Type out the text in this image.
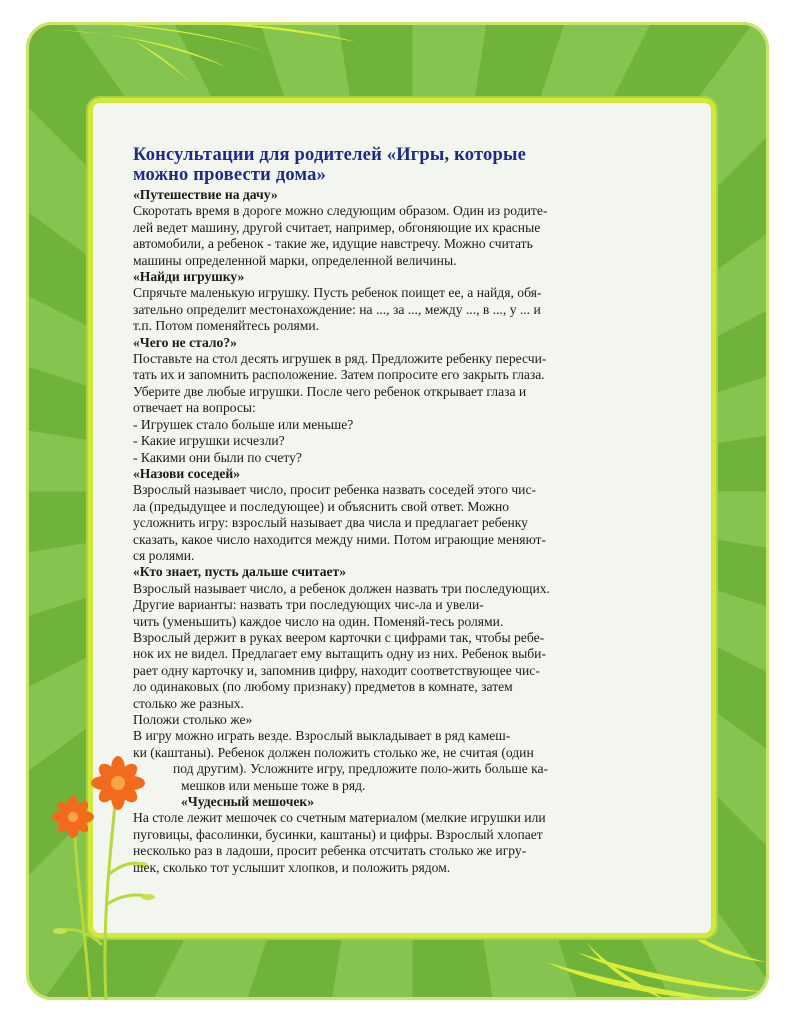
Консультации для родителей «Игры, которые
можно провести дома»
«Путешествие на дачу»
Скоротать время в дороге можно следующим образом. Один из родите-
лей ведет машину, другой считает, например, обгоняющие их красные
автомобили, а ребенок - такие же, идущие навстречу. Можно считать
машины определенной марки, определенной величины.
«Найди игрушку»
Спрячьте маленькую игрушку. Пусть ребенок поищет ее, а найдя, обя-
зательно определит местонахождение: на ..., за ..., между ..., в ..., у ... и
т.п. Потом поменяйтесь ролями.
«Чего не стало?»
Поставьте на стол десять игрушек в ряд. Предложите ребенку пересчи-
тать их и запомнить расположение. Затем попросите его закрыть глаза.
Уберите две любые игрушки. После чего ребенок открывает глаза и
отвечает на вопросы:
- Игрушек стало больше или меньше?
- Какие игрушки исчезли?
- Какими они были по счету?
«Назови соседей»
Взрослый называет число, просит ребенка назвать соседей этого чис-
ла (предыдущее и последующее) и объяснить свой ответ. Можно
усложнить игру: взрослый называет два числа и предлагает ребенку
сказать, какое число находится между ними. Потом играющие меняют-
ся ролями.
«Кто знает, пусть дальше считает»
Взрослый называет число, а ребенок должен назвать три последующих.
Другие варианты: назвать три последующих чис-ла и увели-
чить (уменьшить) каждое число на один. Поменяй-тесь ролями.
Взрослый держит в руках веером карточки с цифрами так, чтобы ребе-
нок их не видел. Предлагает ему вытащить одну из них. Ребенок выби-
рает одну карточку и, запомнив цифру, находит соответствующее чис-
ло одинаковых (по любому признаку) предметов в комнате, затем
столько же разных.
Положи столько же»
В игру можно играть везде. Взрослый выкладывает в ряд камеш-
ки (каштаны). Ребенок должен положить столько же, не считая (один
под другим). Усложните игру, предложите поло-жить больше ка-
мешков или меньше тоже в ряд.
«Чудесный мешочек»
На столе лежит мешочек со счетным материалом (мелкие игрушки или
пуговицы, фасолинки, бусинки, каштаны) и цифры. Взрослый хлопает
несколько раз в ладоши, просит ребенка отсчитать столько же игру-
шек, сколько тот услышит хлопков, и положить рядом.
